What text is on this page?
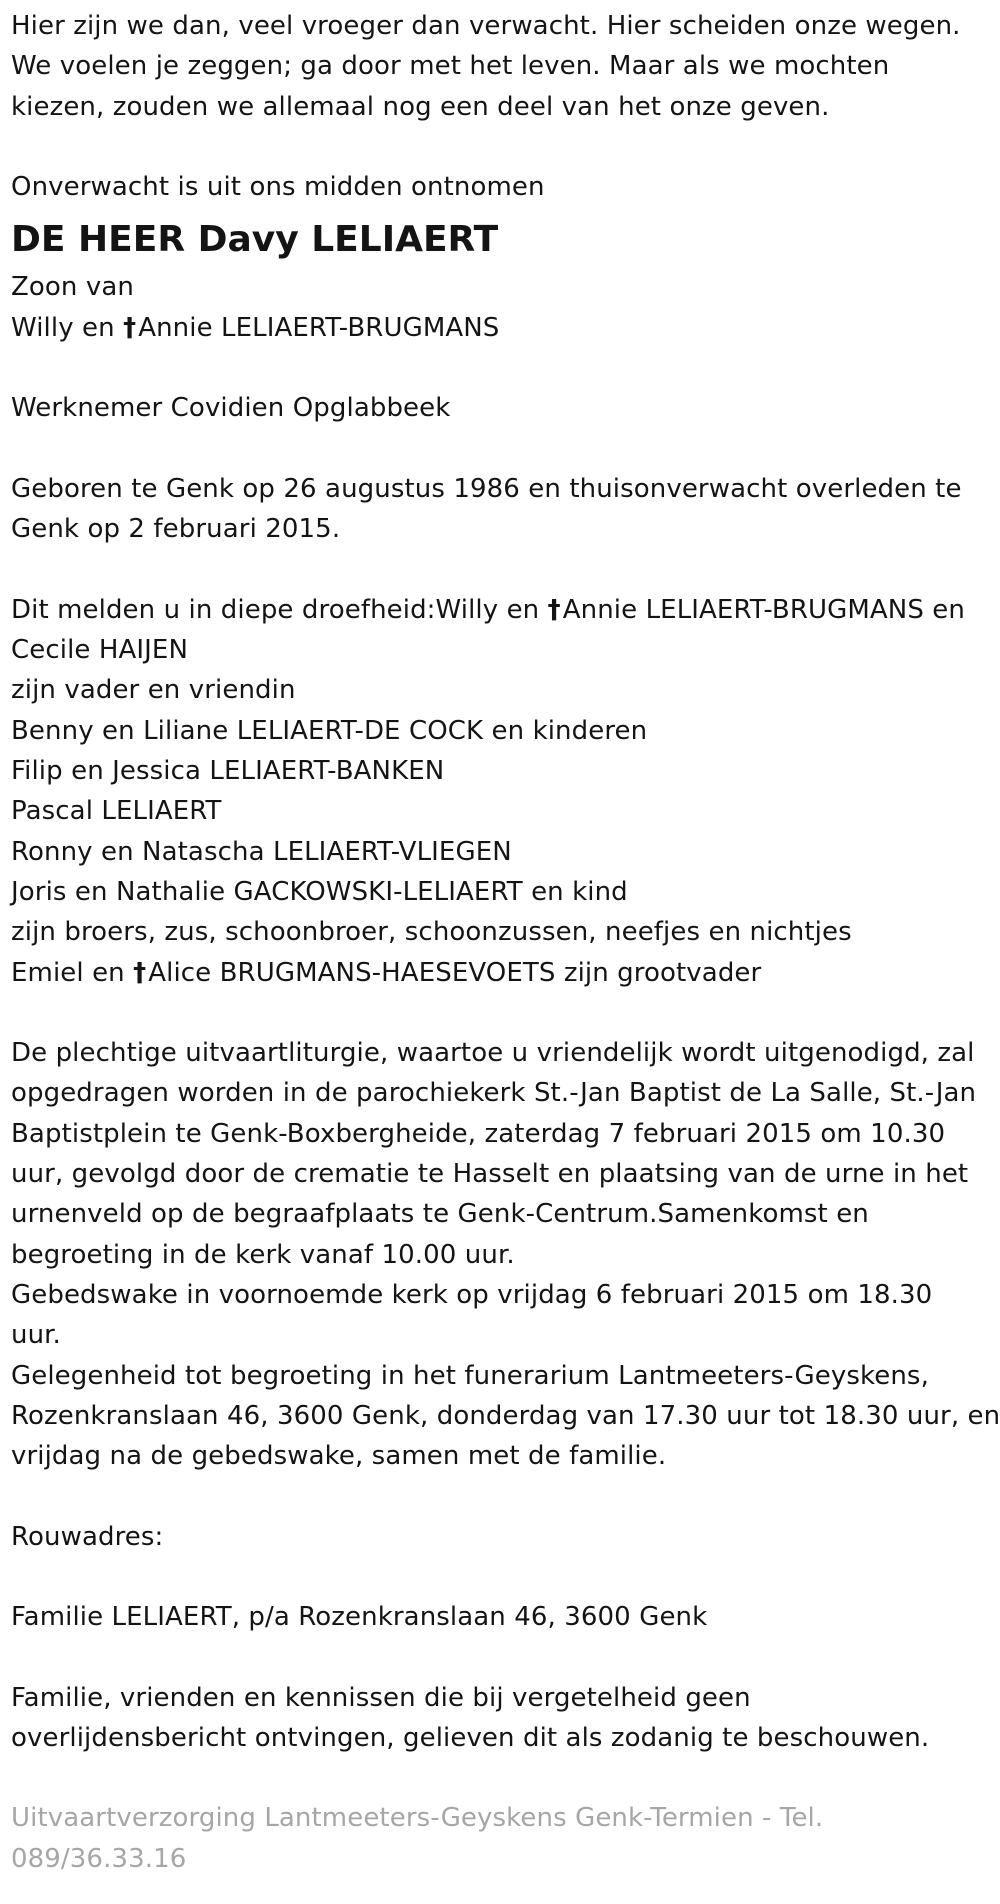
Hier zijn we dan, veel vroeger dan verwacht. Hier scheiden onze wegen.
We voelen je zeggen; ga door met het leven. Maar als we mochten
kiezen, zouden we allemaal nog een deel van het onze geven.
Onverwacht is uit ons midden ontnomen
DE HEER Davy LELIAERT
Zoon van
Willy en †Annie LELIAERT-BRUGMANS
Werknemer Covidien Opglabbeek
Geboren te Genk op 26 augustus 1986 en thuisonverwacht overleden te
Genk op 2 februari 2015.
Dit melden u in diepe droefheid:Willy en †Annie LELIAERT-BRUGMANS en
Cecile HAIJEN
zijn vader en vriendin
Benny en Liliane LELIAERT-DE COCK en kinderen
Filip en Jessica LELIAERT-BANKEN
Pascal LELIAERT
Ronny en Natascha LELIAERT-VLIEGEN
Joris en Nathalie GACKOWSKI-LELIAERT en kind
zijn broers, zus, schoonbroer, schoonzussen, neefjes en nichtjes
Emiel en †Alice BRUGMANS-HAESEVOETS zijn grootvader
De plechtige uitvaartliturgie, waartoe u vriendelijk wordt uitgenodigd, zal
opgedragen worden in de parochiekerk St.-Jan Baptist de La Salle, St.-Jan
Baptistplein te Genk-Boxbergheide, zaterdag 7 februari 2015 om 10.30
uur, gevolgd door de crematie te Hasselt en plaatsing van de urne in het
urnenveld op de begraafplaats te Genk-Centrum.Samenkomst en
begroeting in de kerk vanaf 10.00 uur.
Gebedswake in voornoemde kerk op vrijdag 6 februari 2015 om 18.30
uur.
Gelegenheid tot begroeting in het funerarium Lantmeeters-Geyskens,
Rozenkranslaan 46, 3600 Genk, donderdag van 17.30 uur tot 18.30 uur, en
vrijdag na de gebedswake, samen met de familie.
Rouwadres:
Familie LELIAERT, p/a Rozenkranslaan 46, 3600 Genk
Familie, vrienden en kennissen die bij vergetelheid geen
overlijdensbericht ontvingen, gelieven dit als zodanig te beschouwen.
Uitvaartverzorging Lantmeeters-Geyskens Genk-Termien - Tel.
089/36.33.16
